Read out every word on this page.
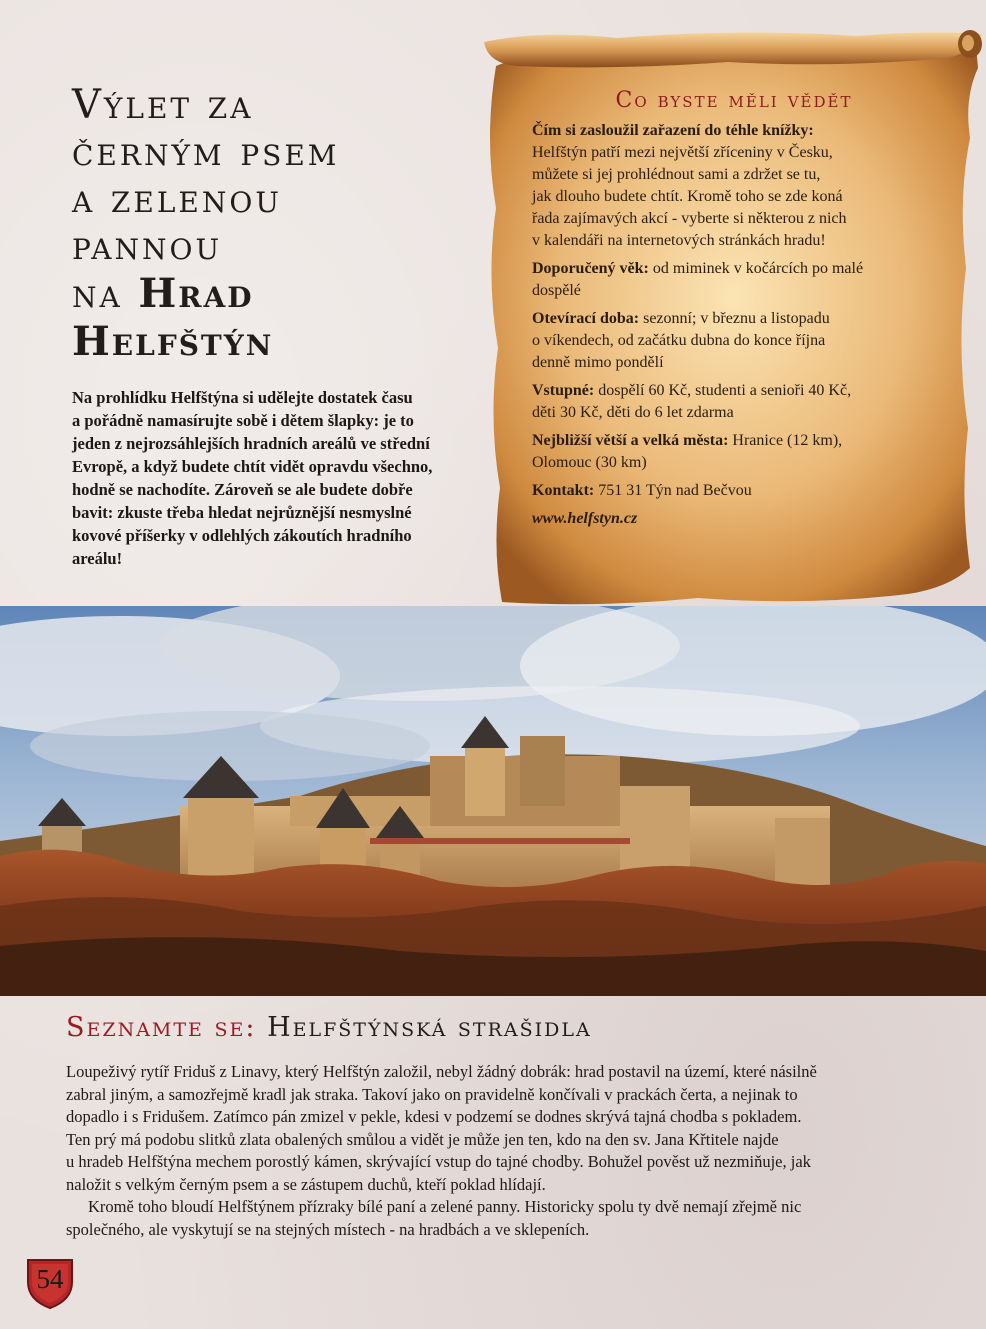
Výlet za
černým psem
a zelenou
pannou
na Hrad
Helfštýn
Na prohlídku Helfštýna si udělejte dostatek času
a pořádně namasírujte sobě i dětem šlapky: je to
jeden z nejrozsáhlejších hradních areálů ve střední
Evropě, a když budete chtít vidět opravdu všechno,
hodně se nachodíte. Zároveň se ale budete dobře
bavit: zkuste třeba hledat nejrůznější nesmyslné
kovové příšerky v odlehlých zákoutích hradního
areálu!
Co byste měli vědět

Čím si zasloužil zařazení do téhle knížky:
Helfštýn patří mezi největší zříceniny v Česku,
můžete si jej prohlédnout sami a zdržet se tu,
jak dlouho budete chtít. Kromě toho se zde koná
řada zajímavých akcí - vyberte si některou z nich
v kalendáři na internetových stránkách hradu!

Doporučený věk: od miminek v kočárcích po malé
dospělé

Otevírací doba: sezonní; v březnu a listopadu
o víkendech, od začátku dubna do konce října
denně mimo pondělí

Vstupné: dospělí 60 Kč, studenti a senioři 40 Kč,
děti 30 Kč, děti do 6 let zdarma

Nejbližší větší a velká města: Hranice (12 km),
Olomouc (30 km)

Kontakt: 751 31 Týn nad Bečvou

www.helfstyn.cz

Seznamte se: Helfštýnská strašidla
Loupeživý rytíř Friduš z Linavy, který Helfštýn založil, nebyl žádný dobrák: hrad postavil na území, které násilně
zabral jiným, a samozřejmě kradl jak straka. Takoví jako on pravidelně končívali v prackách čerta, a nejinak to
dopadlo i s Fridušem. Zatímco pán zmizel v pekle, kdesi v podzemí se dodnes skrývá tajná chodba s pokladem.
Ten prý má podobu slitků zlata obalených smůlou a vidět je může jen ten, kdo na den sv. Jana Křtitele najde
u hradeb Helfštýna mechem porostlý kámen, skrývající vstup do tajné chodby. Bohužel pověst už nezmiňuje, jak
naložit s velkým černým psem a se zástupem duchů, kteří poklad hlídají.
Kromě toho bloudí Helfštýnem přízraky bílé paní a zelené panny. Historicky spolu ty dvě nemají zřejmě nic
společného, ale vyskytují se na stejných místech - na hradbách a ve sklepeních.
54
